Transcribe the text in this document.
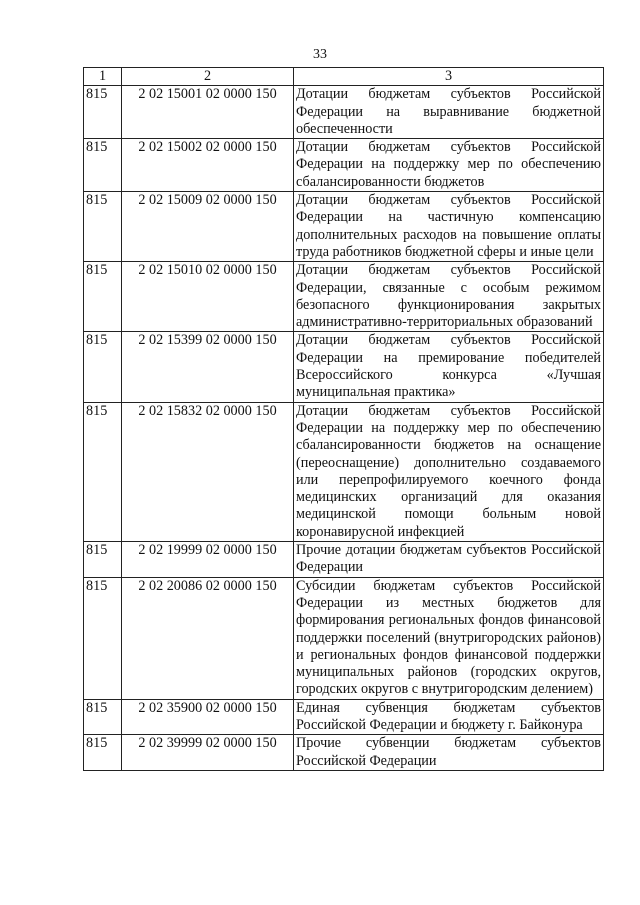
33
1	2	3
815	2 02 15001 02 0000 150	Дотации бюджетам субъектов Российской Федерации на выравнивание бюджетной обеспеченности
815	2 02 15002 02 0000 150	Дотации бюджетам субъектов Российской Федерации на поддержку мер по обеспечению сбалансированности бюджетов
815	2 02 15009 02 0000 150	Дотации бюджетам субъектов Российской Федерации на частичную компенсацию дополнительных расходов на повышение оплаты труда работников бюджетной сферы и иные цели
815	2 02 15010 02 0000 150	Дотации бюджетам субъектов Российской Федерации, связанные с особым режимом безопасного функционирования закрытых административно-территориальных образований
815	2 02 15399 02 0000 150	Дотации бюджетам субъектов Российской Федерации на премирование победителей Всероссийского конкурса «Лучшая муниципальная практика»
815	2 02 15832 02 0000 150	Дотации бюджетам субъектов Российской Федерации на поддержку мер по обеспечению сбалансированности бюджетов на оснащение (переоснащение) дополнительно создаваемого или перепрофилируемого коечного фонда медицинских организаций для оказания медицинской помощи больным новой коронавирусной инфекцией
815	2 02 19999 02 0000 150	Прочие дотации бюджетам субъектов Российской Федерации
815	2 02 20086 02 0000 150	Субсидии бюджетам субъектов Российской Федерации из местных бюджетов для формирования региональных фондов финансовой поддержки поселений (внутригородских районов) и региональных фондов финансовой поддержки муниципальных районов (городских округов, городских округов с внутригородским делением)
815	2 02 35900 02 0000 150	Единая субвенция бюджетам субъектов Российской Федерации и бюджету г. Байконура
815	2 02 39999 02 0000 150	Прочие субвенции бюджетам субъектов Российской Федерации
